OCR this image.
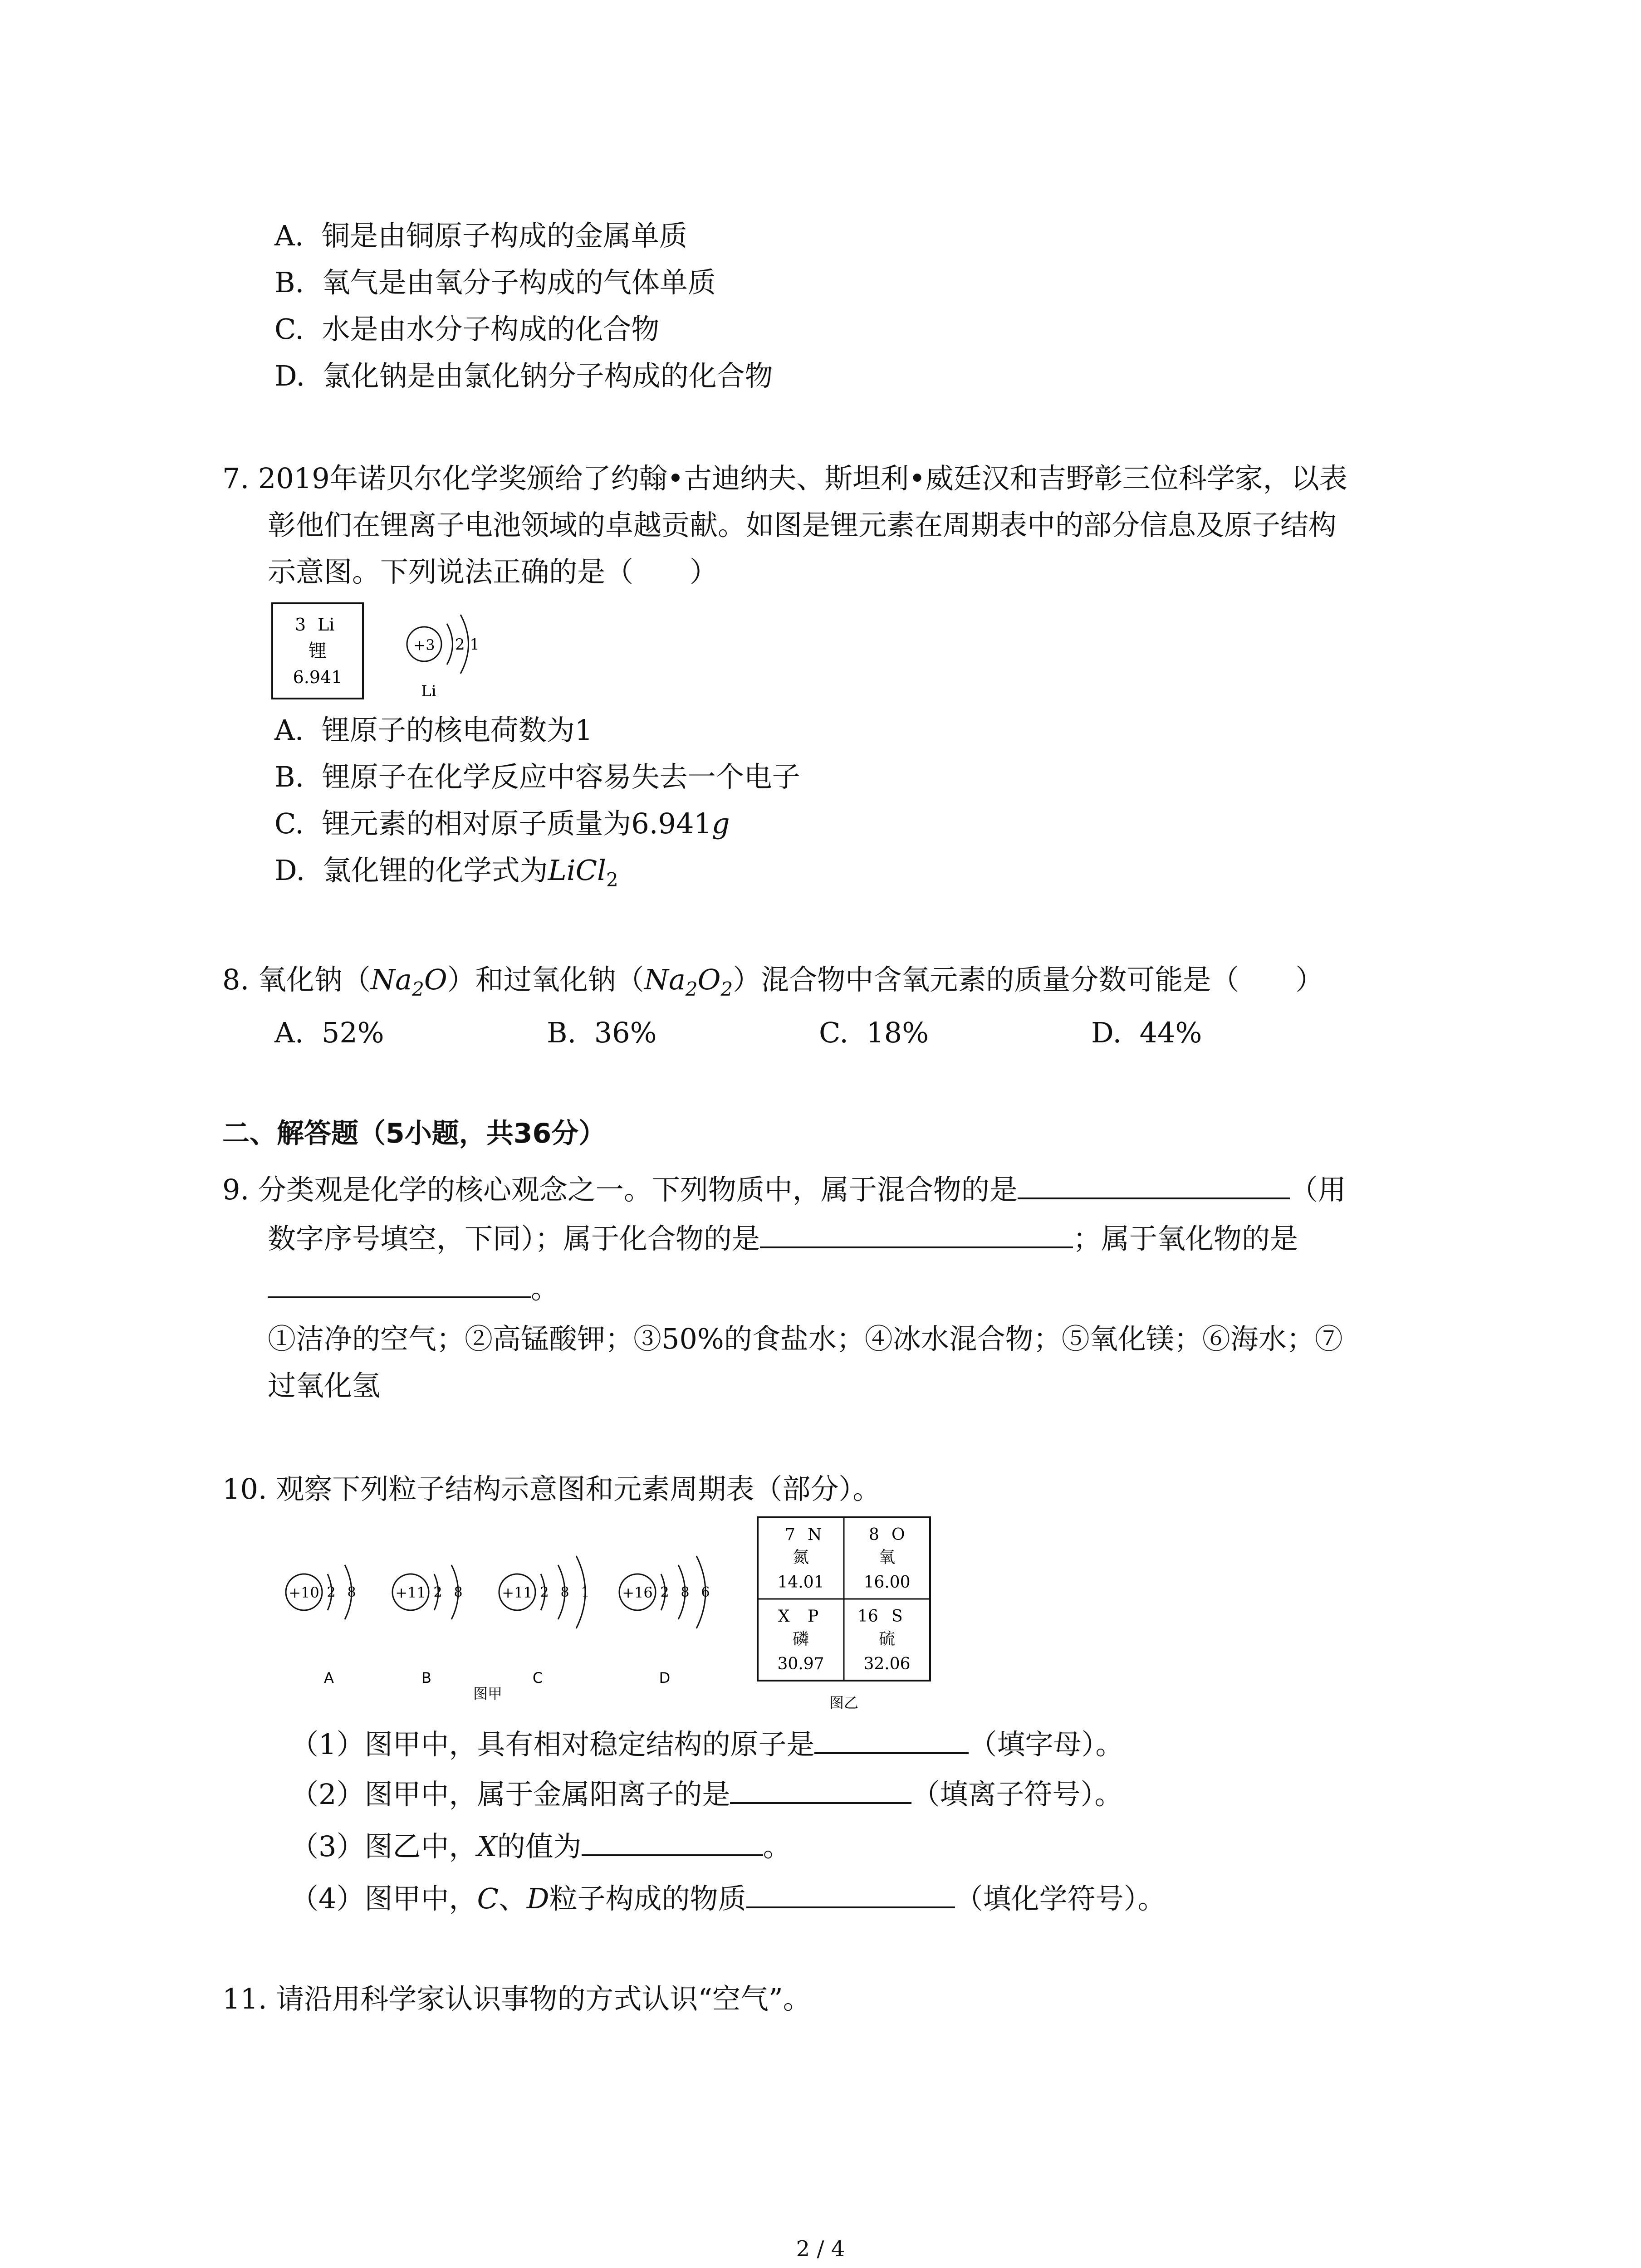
A. 铜是由铜原子构成的金属单质
B. 氧气是由氧分子构成的气体单质
C. 水是由水分子构成的化合物
D. 氯化钠是由氯化钠分子构成的化合物
7. 2019年诺贝尔化学奖颁给了约翰•古迪纳夫、斯坦利•威廷汉和吉野彰三位科学家，以表
彰他们在锂离子电池领域的卓越贡献。如图是锂元素在周期表中的部分信息及原子结构
示意图。下列说法正确的是（　　）
3 Li
锂
6.941
+3 2 1
Li
A. 锂原子的核电荷数为1
B. 锂原子在化学反应中容易失去一个电子
C. 锂元素的相对原子质量为6.941g
D. 氯化锂的化学式为LiCl$_2$
8. 氧化钠$(Na_2O)$和过氧化钠$(Na_2O_2)$混合物中含氧元素的质量分数可能是（　　）
A. 52%	B. 36%	C. 18%	D. 44%
二、解答题（5小题，共36分）
9. 分类观是化学的核心观念之一。下列物质中，属于混合物的是	（用
数字序号填空，下同）；属于化合物的是	；属于氧化物的是
。
①洁净的空气；②高锰酸钾；③50%的食盐水；④冰水混合物；⑤氧化镁；⑥海水；⑦
过氧化氢
10. 观察下列粒子结构示意图和元素周期表（部分）。
+10 2 8
A
+11 2 8
B
+11 2 8 1
C
+16 2 8 6
D
图甲
7 N
氮
14.01
8 O
氧
16.00
X P
磷
30.97
16 S
硫
32.06
图乙
（1）图甲中，具有相对稳定结构的原子是	（填字母）。
（2）图甲中，属于金属阳离子的是	（填离子符号）。
（3）图乙中，X的值为	。
（4）图甲中，C、D粒子构成的物质	（填化学符号）。
11. 请沿用科学家认识事物的方式认识“空气”。
2 / 4
